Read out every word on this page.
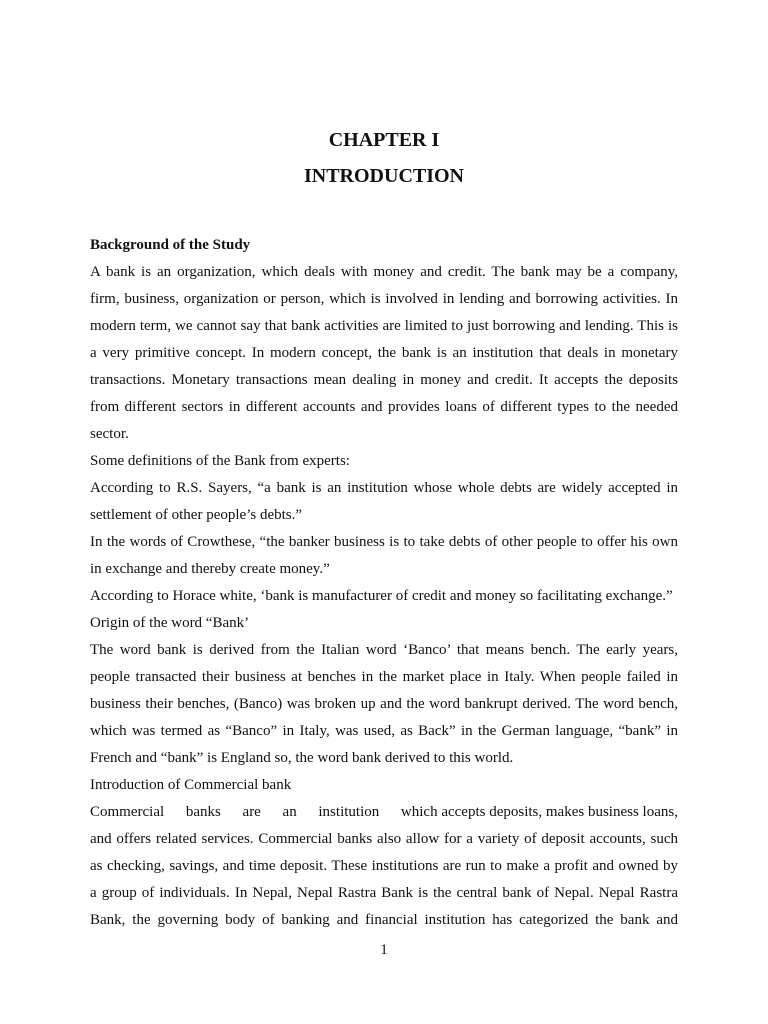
CHAPTER I
INTRODUCTION

Background of the Study

A bank is an organization, which deals with money and credit. The bank may be a company,
firm, business, organization or person, which is involved in lending and borrowing activities. In
modern term, we cannot say that bank activities are limited to just borrowing and lending. This is
a very primitive concept. In modern concept, the bank is an institution that deals in monetary
transactions. Monetary transactions mean dealing in money and credit. It accepts the deposits
from different sectors in different accounts and provides loans of different types to the needed

sector.

Some definitions of the Bank from experts:

According to R.S. Sayers, “a bank is an institution whose whole debts are widely accepted in

settlement of other people’s debts.”

In the words of Crowthese, “the banker business is to take debts of other people to offer his own

in exchange and thereby create money.”

According to Horace white, ‘bank is manufacturer of credit and money so facilitating exchange.”

Origin of the word “Bank’

The word bank is derived from the Italian word ‘Banco’ that means bench. The early years,
people transacted their business at benches in the market place in Italy. When people failed in
business their benches, (Banco) was broken up and the word bankrupt derived. The word bench,
which was termed as “Banco” in Italy, was used, as Back” in the German language, “bank” in

French and “bank” is England so, the word bank derived to this world.

Introduction of Commercial bank

Commercial banks are an institution which accepts deposits, makes business loans,
and offers related services. Commercial banks also allow for a variety of deposit accounts, such
as checking, savings, and time deposit. These institutions are run to make a profit and owned by
a group of individuals. In Nepal, Nepal Rastra Bank is the central bank of Nepal. Nepal Rastra
Bank, the governing body of banking and financial institution has categorized the bank and
1
